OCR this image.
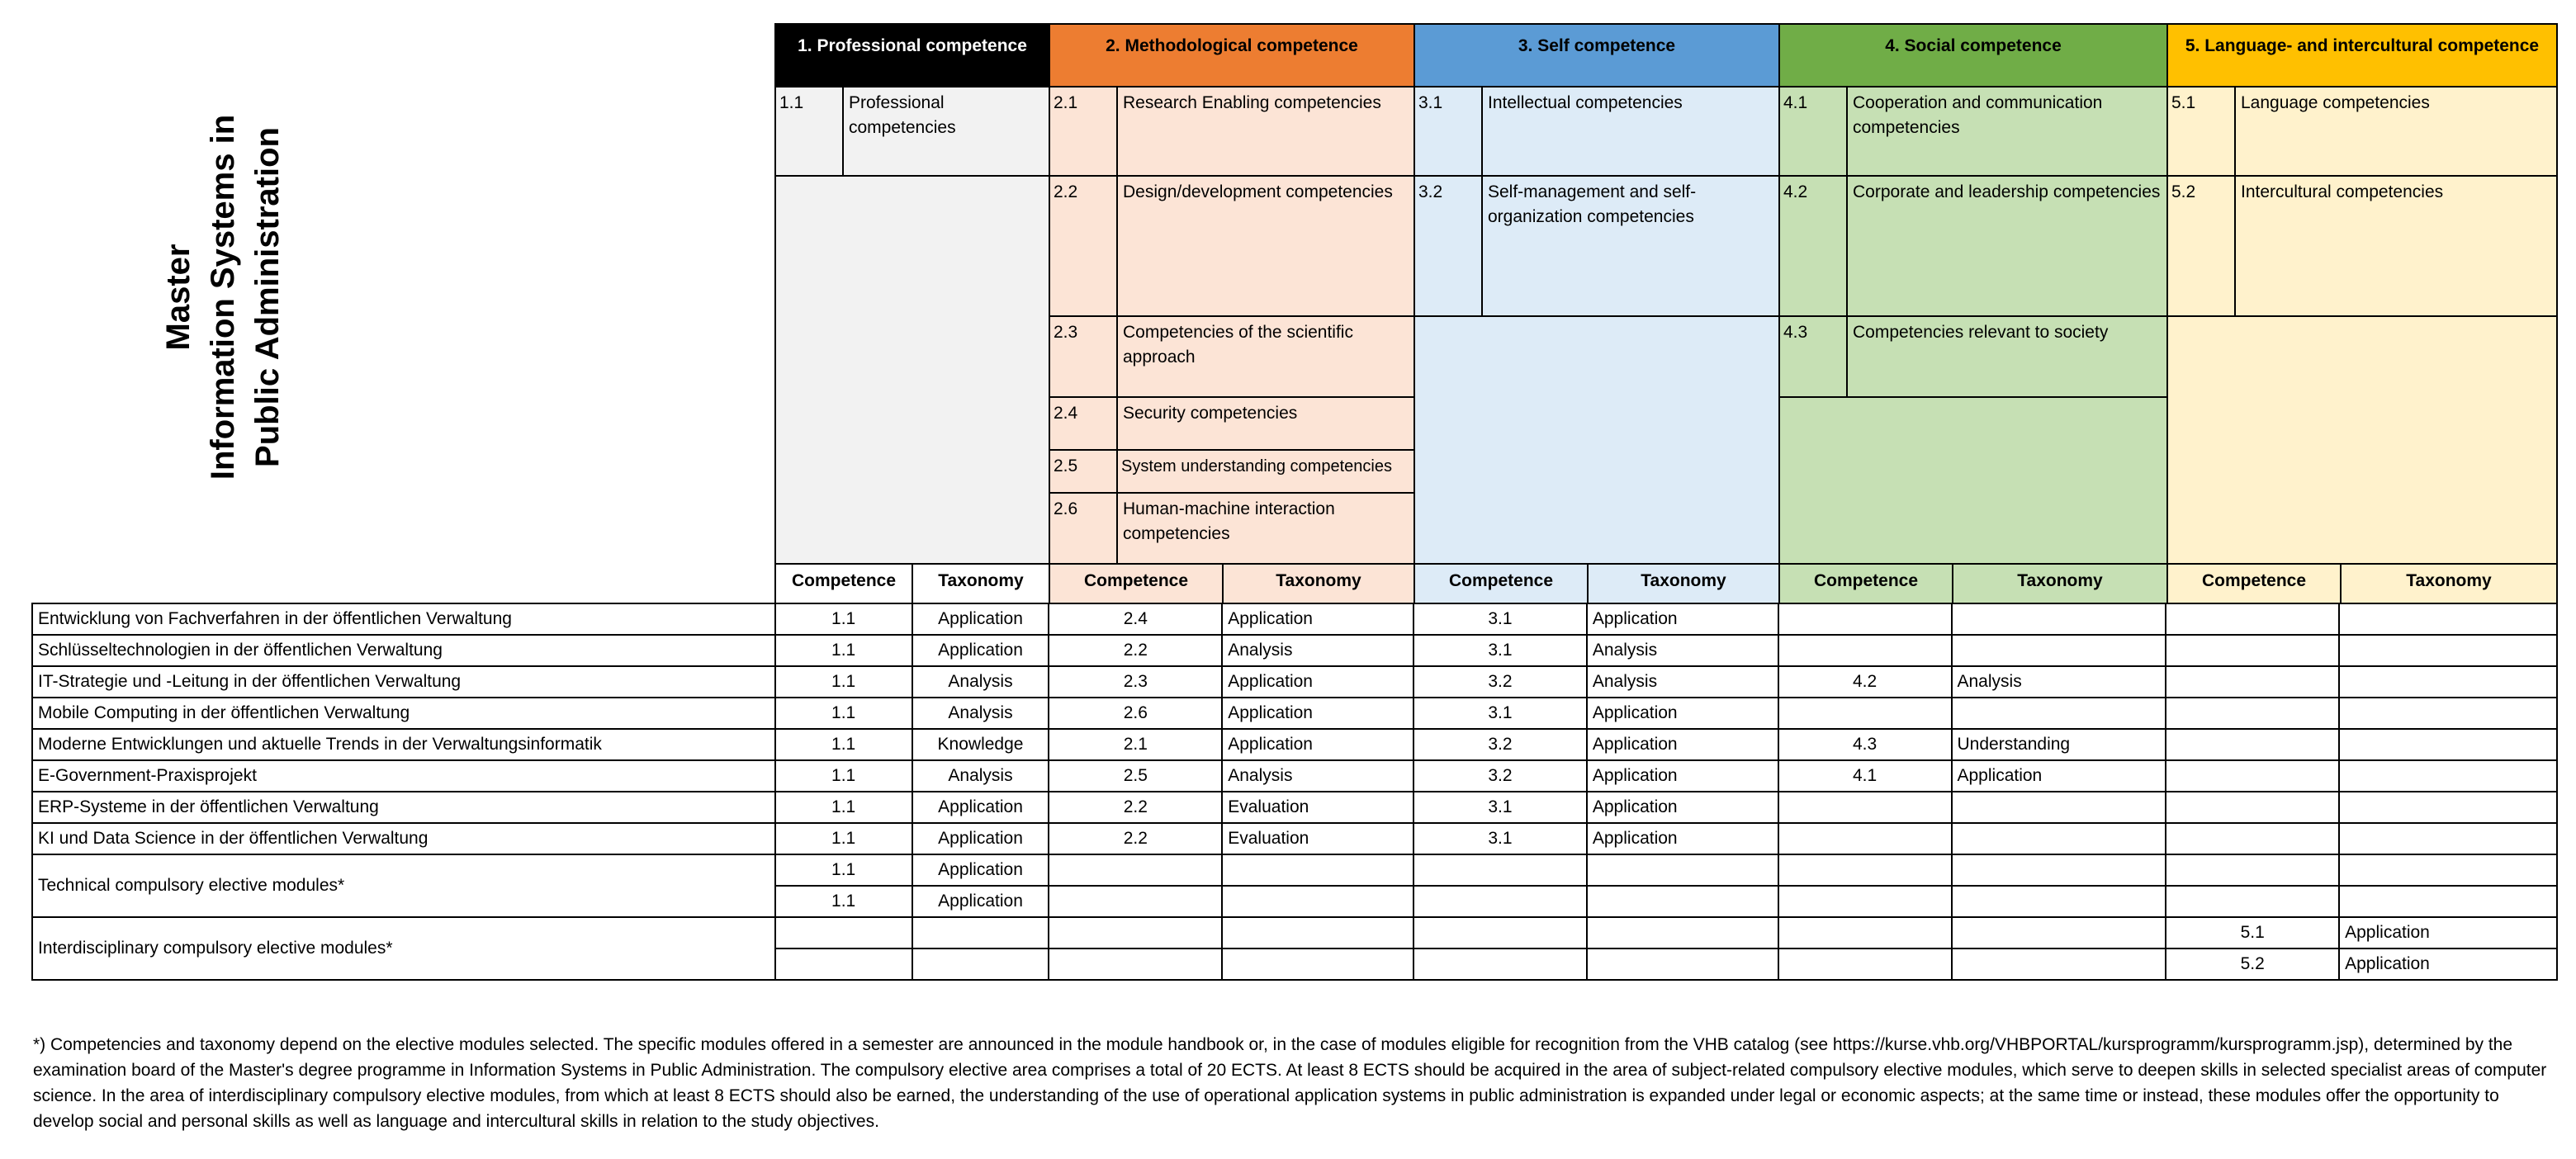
Master Information Systems in Public Administration
1. Professional competence	2. Methodological competence	3. Self competence	4. Social competence	5. Language- and intercultural competence
1.1	Professional competencies
2.1	Research Enabling competencies
2.2	Design/development competencies
2.3	Competencies of the scientific approach
2.4	Security competencies
2.5	System understanding competencies
2.6	Human-machine interaction competencies
3.1	Intellectual competencies
3.2	Self-management and self-organization competencies
4.1	Cooperation and communication competencies
4.2	Corporate and leadership competencies
4.3	Competencies relevant to society
5.1	Language competencies
5.2	Intercultural competencies
Competence	Taxonomy	Competence	Taxonomy	Competence	Taxonomy	Competence	Taxonomy	Competence	Taxonomy
Entwicklung von Fachverfahren in der öffentlichen Verwaltung	1.1	Application	2.4	Application	3.1	Application				
Schlüsseltechnologien in der öffentlichen Verwaltung	1.1	Application	2.2	Analysis	3.1	Analysis				
IT-Strategie und -Leitung in der öffentlichen Verwaltung	1.1	Analysis	2.3	Application	3.2	Analysis	4.2	Analysis		
Mobile Computing in der öffentlichen Verwaltung	1.1	Analysis	2.6	Application	3.1	Application				
Moderne Entwicklungen und aktuelle Trends in der Verwaltungsinformatik	1.1	Knowledge	2.1	Application	3.2	Application	4.3	Understanding		
E-Government-Praxisprojekt	1.1	Analysis	2.5	Analysis	3.2	Application	4.1	Application		
ERP-Systeme in der öffentlichen Verwaltung	1.1	Application	2.2	Evaluation	3.1	Application				
KI und Data Science in der öffentlichen Verwaltung	1.1	Application	2.2	Evaluation	3.1	Application				
Technical compulsory elective modules*	1.1	Application								
	1.1	Application								
Interdisciplinary compulsory elective modules*									5.1	Application
									5.2	Application
*) Competencies and taxonomy depend on the elective modules selected. The specific modules offered in a semester are announced in the module handbook or, in the case of modules eligible for recognition from the VHB catalog (see https://kurse.vhb.org/VHBPORTAL/kursprogramm/kursprogramm.jsp), determined by the examination board of the Master's degree programme in Information Systems in Public Administration. The compulsory elective area comprises a total of 20 ECTS. At least 8 ECTS should be acquired in the area of subject-related compulsory elective modules, which serve to deepen skills in selected specialist areas of computer science. In the area of interdisciplinary compulsory elective modules, from which at least 8 ECTS should also be earned, the understanding of the use of operational application systems in public administration is expanded under legal or economic aspects; at the same time or instead, these modules offer the opportunity to develop social and personal skills as well as language and intercultural skills in relation to the study objectives.
